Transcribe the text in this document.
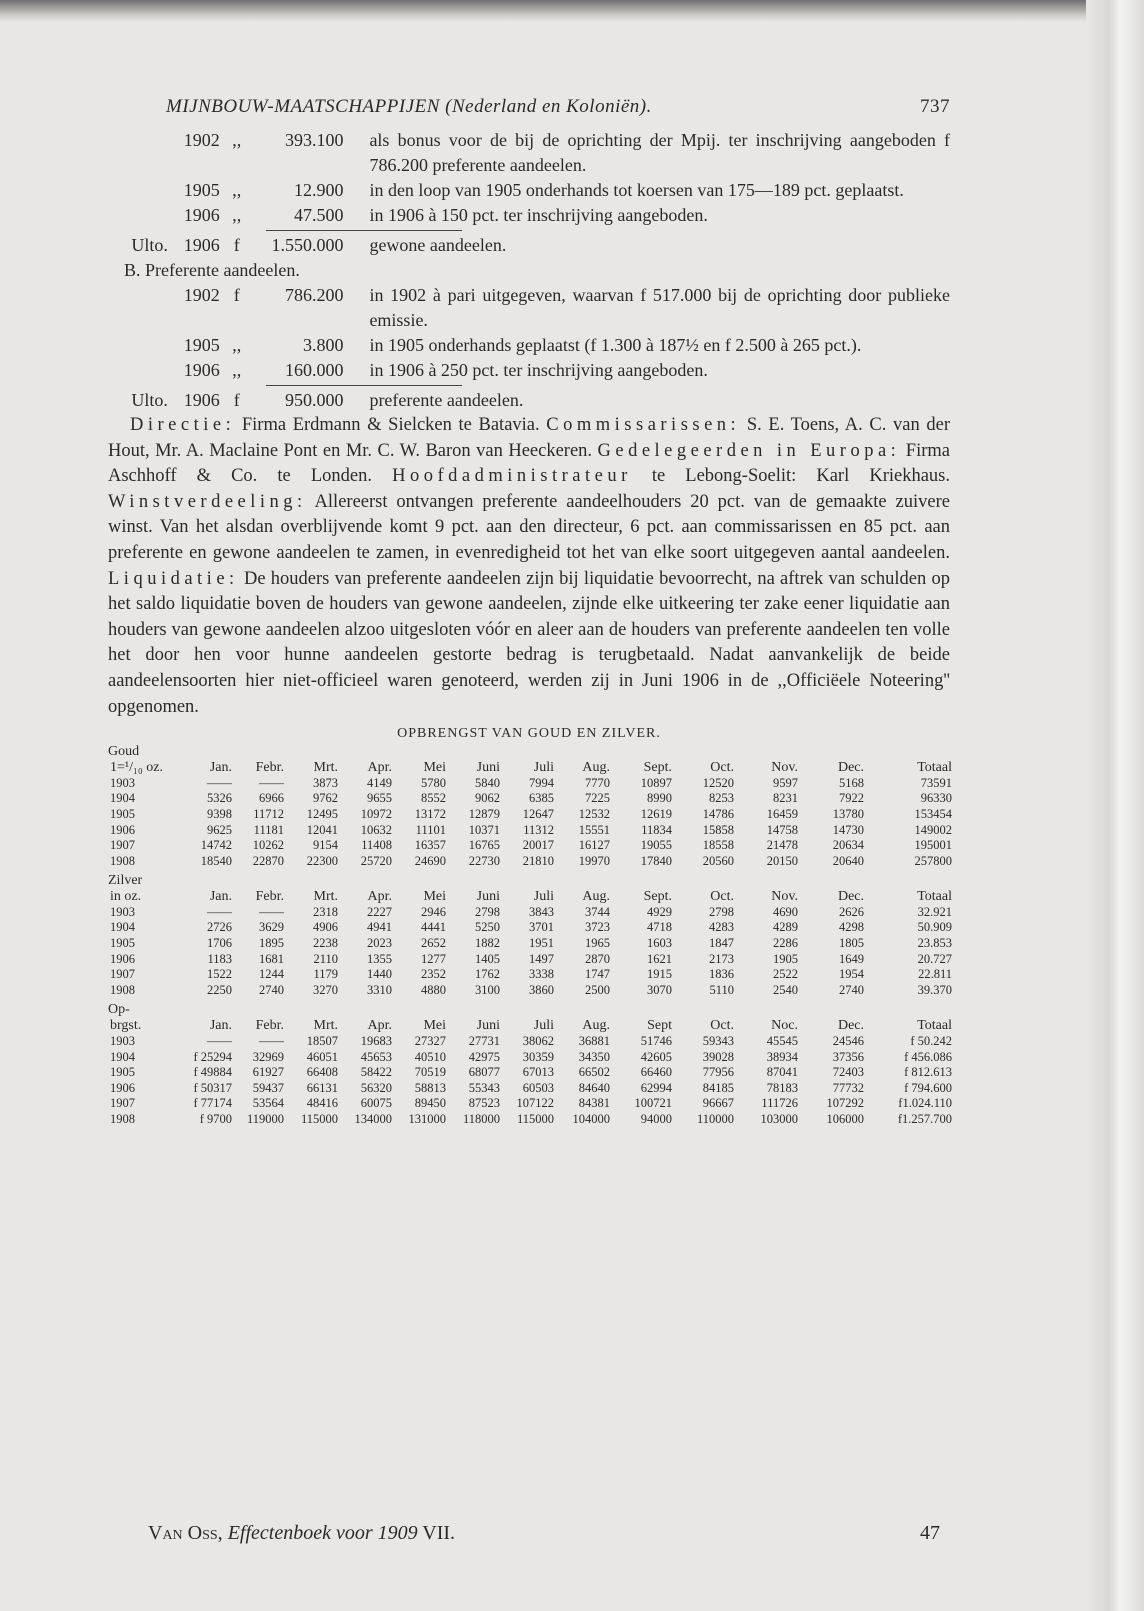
MIJNBOUW-MAATSCHAPPIJEN (Nederland en Koloniën).	737
1902 ,,	393.100 als bonus voor de bij de oprichting der Mpij. ter inschrijving aangeboden f 786.200 preferente aandeelen.
1905 ,,	12.900 in den loop van 1905 onderhands tot koersen van 175—189 pct. geplaatst.
1906 ,,	47.500 in 1906 à 150 pct. ter inschrijving aangeboden.
Ulto. 1906 f	1.550.000 gewone aandeelen.
B. Preferente aandeelen.
1902 f	786.200 in 1902 à pari uitgegeven, waarvan f 517.000 bij de oprichting door publieke emissie.
1905 ,,	3.800 in 1905 onderhands geplaatst (f 1.300 à 187½ en f 2.500 à 265 pct.).
1906 ,,	160.000 in 1906 à 250 pct. ter inschrijving aangeboden.
Ulto. 1906 f	950.000 preferente aandeelen.

Directie: Firma Erdmann & Sielcken te Batavia. Commissarissen: S. E. Toens, A. C. van der Hout, Mr. A. Maclaine Pont en Mr. C. W. Baron van Heeckeren. Gedelegeerden in Europa: Firma Aschhoff & Co. te Londen. Hoofdadministrateur te Lebong-Soelit: Karl Kriekhaus. Winstverdeeling: Allereerst ontvangen preferente aandeelhouders 20 pct. van de gemaakte zuivere winst. Van het alsdan overblijvende komt 9 pct. aan den directeur, 6 pct. aan commissarissen en 85 pct. aan preferente en gewone aandeelen te zamen, in evenredigheid tot het van elke soort uitgegeven aantal aandeelen. Liquidatie: De houders van preferente aandeelen zijn bij liquidatie bevoorrecht, na aftrek van schulden op het saldo liquidatie boven de houders van gewone aandeelen, zijnde elke uitkeering ter zake eener liquidatie aan houders van gewone aandeelen alzoo uitgesloten vóór en aleer aan de houders van preferente aandeelen ten volle het door hen voor hunne aandeelen gestorte bedrag is terugbetaald. Nadat aanvankelijk de beide aandeelensoorten hier niet-officieel waren genoteerd, werden zij in Juni 1906 in de ,,Officiëele Noteering'' opgenomen.

OPBRENGST VAN GOUD EN ZILVER.
Goud
1=¹/₁₀ oz.	Jan.	Febr.	Mrt.	Apr.	Mei	Juni	Juli	Aug.	Sept.	Oct.	Nov.	Dec.	Totaal
1903	——	——	3873	4149	5780	5840	7994	7770	10897	12520	9597	5168	73591
1904	5326	6966	9762	9655	8552	9062	6385	7225	8990	8253	8231	7922	96330
1905	9398	11712	12495	10972	13172	12879	12647	12532	12619	14786	16459	13780	153454
1906	9625	11181	12041	10632	11101	10371	11312	15551	11834	15858	14758	14730	149002
1907	14742	10262	9154	11408	16357	16765	20017	16127	19055	18558	21478	20634	195001
1908	18540	22870	22300	25720	24690	22730	21810	19970	17840	20560	20150	20640	257800
Zilver
in oz.	Jan.	Febr.	Mrt.	Apr.	Mei	Juni	Juli	Aug.	Sept.	Oct.	Nov.	Dec.	Totaal
1903	——	——	2318	2227	2946	2798	3843	3744	4929	2798	4690	2626	32.921
1904	2726	3629	4906	4941	4441	5250	3701	3723	4718	4283	4289	4298	50.909
1905	1706	1895	2238	2023	2652	1882	1951	1965	1603	1847	2286	1805	23.853
1906	1183	1681	2110	1355	1277	1405	1497	2870	1621	2173	1905	1649	20.727
1907	1522	1244	1179	1440	2352	1762	3338	1747	1915	1836	2522	1954	22.811
1908	2250	2740	3270	3310	4880	3100	3860	2500	3070	5110	2540	2740	39.370
Op-
brgst.	Jan.	Febr.	Mrt.	Apr.	Mei	Juni	Juli	Aug.	Sept	Oct.	Noc.	Dec.	Totaal
1903	——	——	18507	19683	27327	27731	38062	36881	51746	59343	45545	24546	f 50.242
1904	f 25294	32969	46051	45653	40510	42975	30359	34350	42605	39028	38934	37356	f 456.086
1905	f 49884	61927	66408	58422	70519	68077	67013	66502	66460	77956	87041	72403	f 812.613
1906	f 50317	59437	66131	56320	58813	55343	60503	84640	62994	84185	78183	77732	f 794.600
1907	f 77174	53564	48416	60075	89450	87523	107122	84381	100721	96667	111726	107292	f1.024.110
1908	f 9700	119000	115000	134000	131000	118000	115000	104000	94000	110000	103000	106000	f1.257.700
Van Oss, Effectenboek voor 1909 VII.	47
